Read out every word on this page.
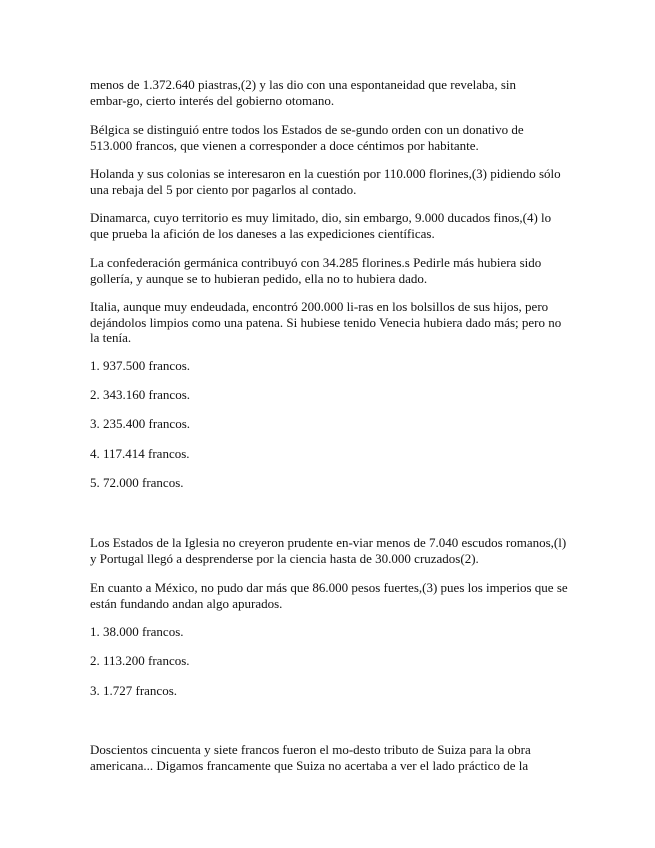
menos de 1.372.640 piastras,(2) y las dio con una espontaneidad que revelaba, sin
embar-go, cierto interés del gobierno otomano.
Bélgica se distinguió entre todos los Estados de se-gundo orden con un donativo de
513.000 francos, que vienen a corresponder a doce céntimos por habitante.
Holanda y sus colonias se interesaron en la cuestión por 110.000 florines,(3) pidiendo sólo
una rebaja del 5 por ciento por pagarlos al contado.
Dinamarca, cuyo territorio es muy limitado, dio, sin embargo, 9.000 ducados finos,(4) lo
que prueba la afición de los daneses a las expediciones científicas.
La confederación germánica contribuyó con 34.285 florines.s Pedirle más hubiera sido
gollería, y aunque se to hubieran pedido, ella no to hubiera dado.
Italia, aunque muy endeudada, encontró 200.000 li-ras en los bolsillos de sus hijos, pero
dejándolos limpios como una patena. Si hubiese tenido Venecia hubiera dado más; pero no
la tenía.
1. 937.500 francos.
2. 343.160 francos.
3. 235.400 francos.
4. 117.414 francos.
5. 72.000 francos.
Los Estados de la Iglesia no creyeron prudente en-viar menos de 7.040 escudos romanos,(l)
y Portugal llegó a desprenderse por la ciencia hasta de 30.000 cruzados(2).
En cuanto a México, no pudo dar más que 86.000 pesos fuertes,(3) pues los imperios que se
están fundando andan algo apurados.
1. 38.000 francos.
2. 113.200 francos.
3. 1.727 francos.
Doscientos cincuenta y siete francos fueron el mo-desto tributo de Suiza para la obra
americana... Digamos francamente que Suiza no acertaba a ver el lado práctico de la
